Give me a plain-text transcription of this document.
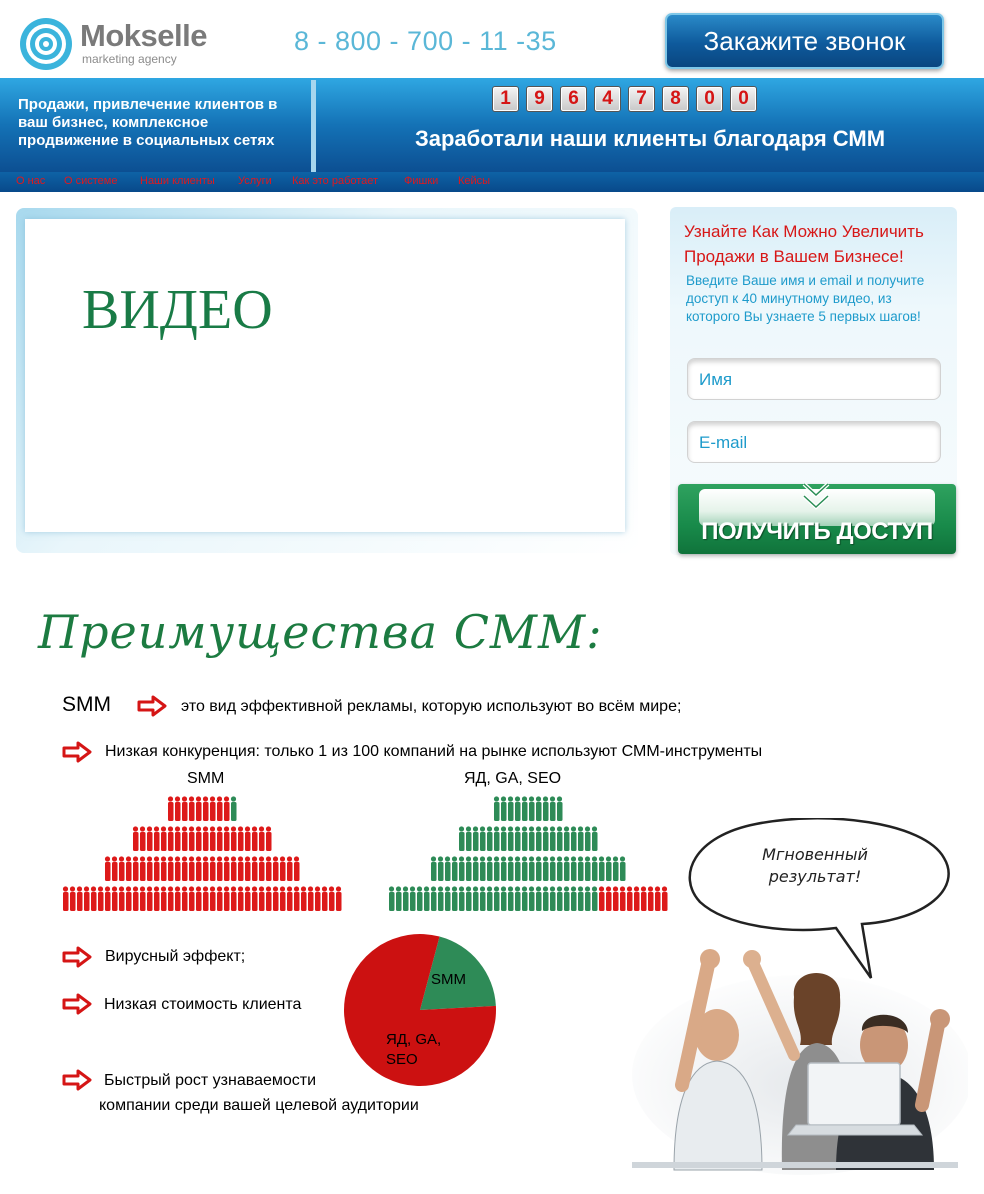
Mokselle
marketing agency
8 - 800 - 700 - 11 -35	Закажите звонок
Продажи, привлечение клиентов в ваш бизнес, комплексное продвижение в социальных сетях
1	9	6	4	7	8	0	0
Заработали наши клиенты благодаря СММ
О нас О системе Наши клиенты Услуги Как это работает Фишки Кейсы
ВИДЕО
Узнайте Как Можно Увеличить Продажи в Вашем Бизнесе!
Введите Ваше имя и email и получите доступ к 40 минутному видео, из которого Вы узнаете 5 первых шагов!
Имя
E-mail
ПОЛУЧИТЬ ДОСТУП
Преимущества СММ:
SMM	это вид эффективной рекламы, которую используют во всём мире;
Низкая конкуренция: только 1 из 100 компаний на рынке используют СММ-инструменты
SMM	ЯД, GA, SEO
Вирусный эффект;
Низкая стоимость клиента
Быстрый рост узнаваемости
компании среди вашей целевой аудитории
SMM
ЯД, GA,
SEO
Мгновенный
результат!
